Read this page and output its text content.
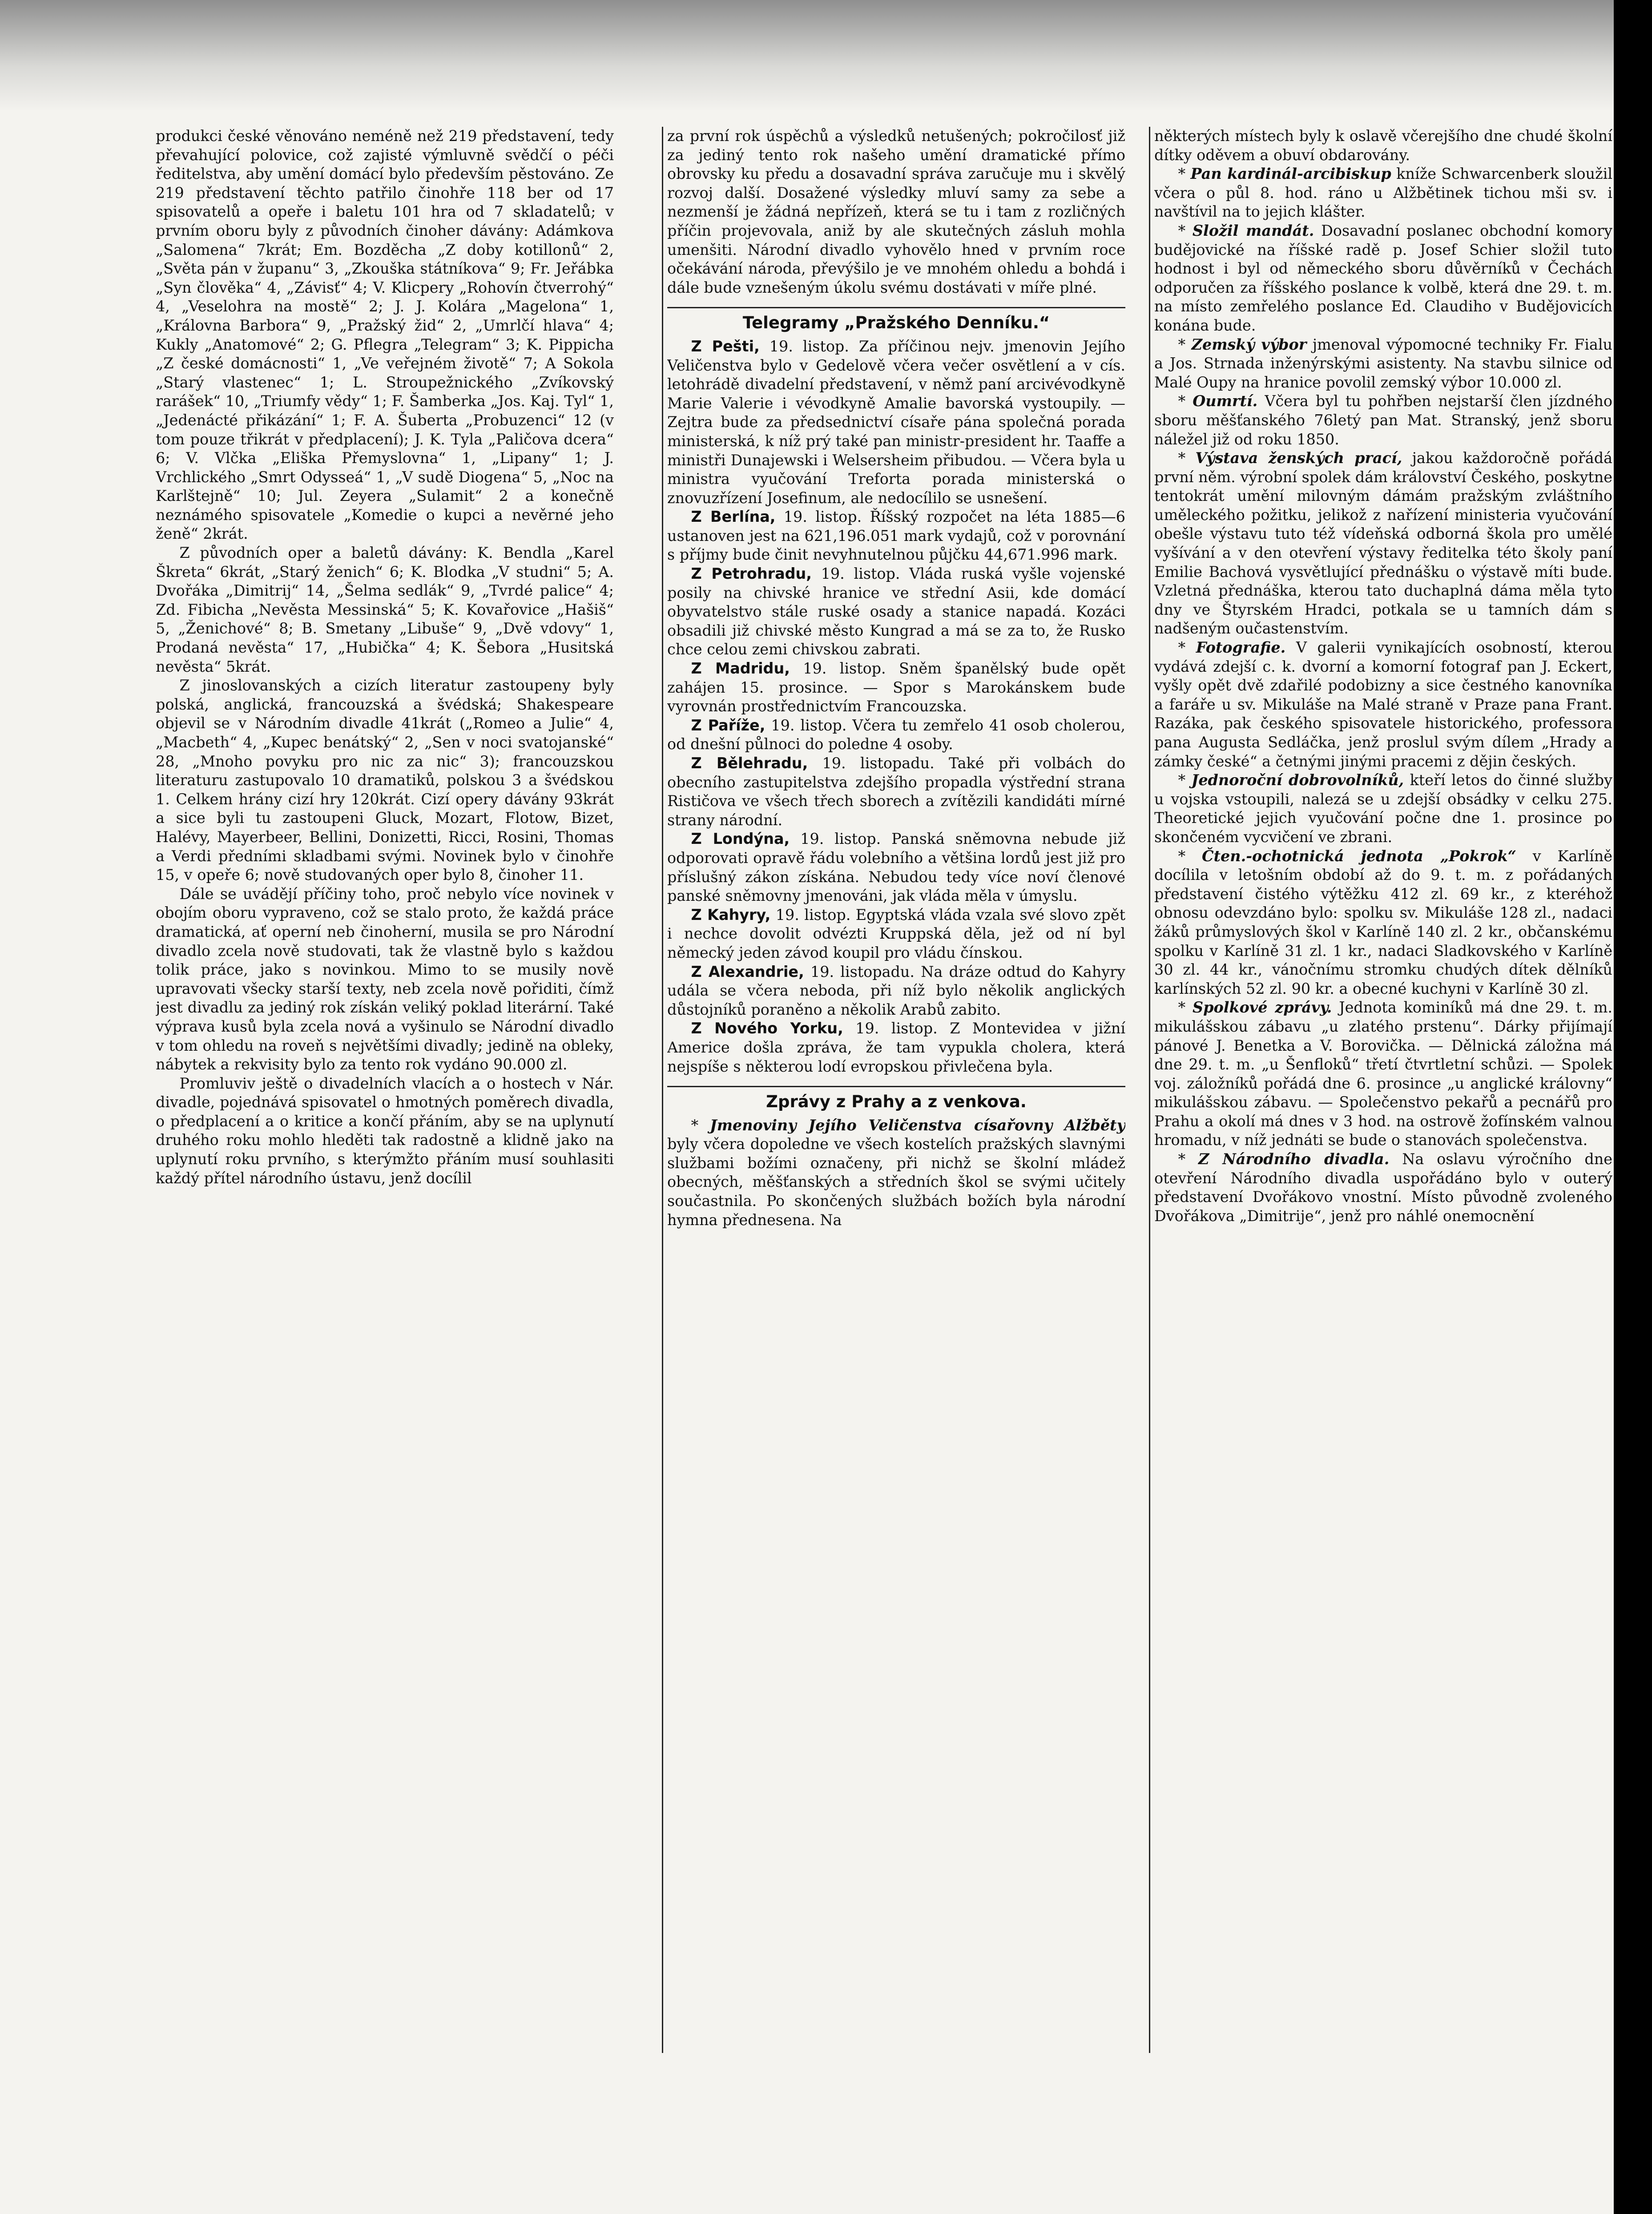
produkci české věnováno neméně než 219 představení, tedy převahující polovice, což zajisté výmluvně svědčí o péči ředitelstva, aby umění domácí bylo především pěstováno. Ze 219 představení těchto patřilo činohře 118 ber od 17 spisovatelů a opeře i baletu 101 hra od 7 skladatelů; v prvním oboru byly z původních činoher dávány: Adámkova „Salomena“ 7krát; Em. Bozděcha „Z doby kotillonů“ 2, „Světa pán v županu“ 3, „Zkouška státníkova“ 9; Fr. Jeřábka „Syn člověka“ 4, „Závisť“ 4; V. Klicpery „Rohovín čtverrohý“ 4, „Veselohra na mostě“ 2; J. J. Kolára „Magelona“ 1, „Královna Barbora“ 9, „Pražský žid“ 2, „Umrlčí hlava“ 4; Kukly „Anatomové“ 2; G. Pflegra „Telegram“ 3; K. Pippicha „Z české domácnosti“ 1, „Ve veřejném životě“ 7; A Sokola „Starý vlastenec“ 1; L. Stroupežnického „Zvíkovský rarášek“ 10, „Triumfy vědy“ 1; F. Šamberka „Jos. Kaj. Tyl“ 1, „Jedenácté přikázání“ 1; F. A. Šuberta „Probuzenci“ 12 (v tom pouze třikrát v předplacení); J. K. Tyla „Paličova dcera“ 6; V. Vlčka „Eliška Přemyslovna“ 1, „Lipany“ 1; J. Vrchlického „Smrt Odysseá“ 1, „V sudě Diogena“ 5, „Noc na Karlštejně“ 10; Jul. Zeyera „Sulamit“ 2 a konečně neznámého spisovatele „Komedie o kupci a nevěrné jeho ženě“ 2krát.

Z původních oper a baletů dávány: K. Bendla „Karel Škreta“ 6krát, „Starý ženich“ 6; K. Blodka „V studni“ 5; A. Dvořáka „Dimitrij“ 14, „Šelma sedlák“ 9, „Tvrdé palice“ 4; Zd. Fibicha „Nevěsta Messinská“ 5; K. Kovařovice „Hašiš“ 5, „Ženichové“ 8; B. Smetany „Libuše“ 9, „Dvě vdovy“ 1, Prodaná nevěsta“ 17, „Hubička“ 4; K. Šebora „Husitská nevěsta“ 5krát.

Z jinoslovanských a cizích literatur zastoupeny byly polská, anglická, francouzská a švédská; Shakespeare objevil se v Národním divadle 41krát („Romeo a Julie“ 4, „Macbeth“ 4, „Kupec benátský“ 2, „Sen v noci svatojanské“ 28, „Mnoho povyku pro nic za nic“ 3); francouzskou literaturu zastupovalo 10 dramatiků, polskou 3 a švédskou 1. Celkem hrány cizí hry 120krát. Cizí opery dávány 93krát a sice byli tu zastoupeni Gluck, Mozart, Flotow, Bizet, Halévy, Mayerbeer, Bellini, Donizetti, Ricci, Rosini, Thomas a Verdi předními skladbami svými. Novinek bylo v činohře 15, v opeře 6; nově studovaných oper bylo 8, činoher 11.

Dále se uvádějí příčiny toho, proč nebylo více novinek v obojím oboru vypraveno, což se stalo proto, že každá práce dramatická, ať operní neb činoherní, musila se pro Národní divadlo zcela nově studovati, tak že vlastně bylo s každou tolik práce, jako s novinkou. Mimo to se musily nově upravovati všecky starší texty, neb zcela nově pořiditi, čímž jest divadlu za jediný rok získán veliký poklad literární. Také výprava kusů byla zcela nová a vyšinulo se Národní divadlo v tom ohledu na roveň s největšími divadly; jedině na obleky, nábytek a rekvisity bylo za tento rok vydáno 90.000 zl.

Promluviv ještě o divadelních vlacích a o hostech v Nár. divadle, pojednává spisovatel o hmotných poměrech divadla, o předplacení a o kritice a končí přáním, aby se na uplynutí druhého roku mohlo hleděti tak radostně a klidně jako na uplynutí roku prvního, s kterýmžto přáním musí souhlasiti každý přítel národního ústavu, jenž docílil

za první rok úspěchů a výsledků netušených; pokročilosť již za jediný tento rok našeho umění dramatické přímo obrovsky ku předu a dosavadní správa zaručuje mu i skvělý rozvoj další. Dosažené výsledky mluví samy za sebe a nezmenší je žádná nepřízeň, která se tu i tam z rozličných příčin projevovala, aniž by ale skutečných zásluh mohla umenšiti. Národní divadlo vyhovělo hned v prvním roce očekávání národa, převýšilo je ve mnohém ohledu a bohdá i dále bude vznešeným úkolu svému dostávati v míře plné.

Telegramy „Pražského Denníku.“

Z Pešti, 19. listop. Za příčinou nejv. jmenovin Jejího Veličenstva bylo v Gedelově včera večer osvětlení a v cís. letohrádě divadelní představení, v němž paní arcivévodkyně Marie Valerie i vévodkyně Amalie bavorská vystoupily. — Zejtra bude za předsednictví císaře pána společná porada ministerská, k níž prý také pan ministr-president hr. Taaffe a ministři Dunajewski i Welsersheim přibudou. — Včera byla u ministra vyučování Treforta porada ministerská o znovuzřízení Josefinum, ale nedocílilo se usnešení.

Z Berlína, 19. listop. Říšský rozpočet na léta 1885—6 ustanoven jest na 621,196.051 mark vydajů, což v porovnání s příjmy bude činit nevyhnutelnou půjčku 44,671.996 mark.

Z Petrohradu, 19. listop. Vláda ruská vyšle vojenské posily na chivské hranice ve střední Asii, kde domácí obyvatelstvo stále ruské osady a stanice napadá. Kozáci obsadili již chivské město Kungrad a má se za to, že Rusko chce celou zemi chivskou zabrati.

Z Madridu, 19. listop. Sněm španělský bude opět zahájen 15. prosince. — Spor s Marokánskem bude vyrovnán prostřednictvím Francouzska.

Z Paříže, 19. listop. Včera tu zemřelo 41 osob cholerou, od dnešní půlnoci do poledne 4 osoby.

Z Bělehradu, 19. listopadu. Také při volbách do obecního zastupitelstva zdejšího propadla výstřední strana Rističova ve všech třech sborech a zvítězili kandidáti mírné strany národní.

Z Londýna, 19. listop. Panská sněmovna nebude již odporovati opravě řádu volebního a většina lordů jest již pro příslušný zákon získána. Nebudou tedy více noví členové panské sněmovny jmenováni, jak vláda měla v úmyslu.

Z Kahyry, 19. listop. Egyptská vláda vzala své slovo zpět i nechce dovolit odvézti Kruppská děla, jež od ní byl německý jeden závod koupil pro vládu čínskou.

Z Alexandrie, 19. listopadu. Na dráze odtud do Kahyry udála se včera neboda, při níž bylo několik anglických důstojníků poraněno a několik Arabů zabito.

Z Nového Yorku, 19. listop. Z Montevidea v jižní Americe došla zpráva, že tam vypukla cholera, která nejspíše s některou lodí evropskou přivlečena byla.

Zprávy z Prahy a z venkova.

* Jmenoviny Jejího Veličenstva císařovny Alžběty byly včera dopoledne ve všech kostelích pražských slavnými službami božími označeny, při nichž se školní mládež obecných, měšťanských a středních škol se svými učitely součastnila. Po skončených službách božích byla národní hymna přednesena. Na

některých místech byly k oslavě včerejšího dne chudé školní dítky oděvem a obuví obdarovány.

* Pan kardinál-arcibiskup kníže Schwarcenberk sloužil včera o půl 8. hod. ráno u Alžbětinek tichou mši sv. i navštívil na to jejich klášter.

* Složil mandát. Dosavadní poslanec obchodní komory budějovické na říšské radě p. Josef Schier složil tuto hodnost i byl od německého sboru důvěrníků v Čechách odporučen za říšského poslance k volbě, která dne 29. t. m. na místo zemřelého poslance Ed. Claudiho v Budějovicích konána bude.

* Zemský výbor jmenoval výpomocné techniky Fr. Fialu a Jos. Strnada inženýrskými asistenty. Na stavbu silnice od Malé Oupy na hranice povolil zemský výbor 10.000 zl.

* Oumrtí. Včera byl tu pohřben nejstarší člen jízdného sboru měšťanského 76letý pan Mat. Stranský, jenž sboru náležel již od roku 1850.

* Výstava ženských prací, jakou každoročně pořádá první něm. výrobní spolek dám království Českého, poskytne tentokrát umění milovným dámám pražským zvláštního uměleckého požitku, jelikož z nařízení ministeria vyučování obešle výstavu tuto též vídeňská odborná škola pro umělé vyšívání a v den otevření výstavy ředitelka této školy paní Emilie Bachová vysvětlující přednášku o výstavě míti bude. Vzletná přednáška, kterou tato duchaplná dáma měla tyto dny ve Štyrském Hradci, potkala se u tamních dám s nadšeným oučastenstvím.

* Fotografie. V galerii vynikajících osobností, kterou vydává zdejší c. k. dvorní a komorní fotograf pan J. Eckert, vyšly opět dvě zdařilé podobizny a sice čestného kanovníka a faráře u sv. Mikuláše na Malé straně v Praze pana Frant. Razáka, pak českého spisovatele historického, professora pana Augusta Sedláčka, jenž proslul svým dílem „Hrady a zámky české“ a četnými jinými pracemi z dějin českých.

* Jednoroční dobrovolníků, kteří letos do činné služby u vojska vstoupili, nalezá se u zdejší obsádky v celku 275. Theoretické jejich vyučování počne dne 1. prosince po skončeném vycvičení ve zbrani.

* Čten.-ochotnická jednota „Pokrok“ v Karlíně docílila v letošním období až do 9. t. m. z pořádaných představení čistého výtěžku 412 zl. 69 kr., z kteréhož obnosu odevzdáno bylo: spolku sv. Mikuláše 128 zl., nadaci žáků průmyslových škol v Karlíně 140 zl. 2 kr., občanskému spolku v Karlíně 31 zl. 1 kr., nadaci Sladkovského v Karlíně 30 zl. 44 kr., vánočnímu stromku chudých dítek dělníků karlínských 52 zl. 90 kr. a obecné kuchyni v Karlíně 30 zl.

* Spolkové zprávy. Jednota kominíků má dne 29. t. m. mikulášskou zábavu „u zlatého prstenu“. Dárky přijímají pánové J. Benetka a V. Borovička. — Dělnická záložna má dne 29. t. m. „u Šenfloků“ třetí čtvrtletní schůzi. — Spolek voj. záložníků pořádá dne 6. prosince „u anglické královny“ mikulášskou zábavu. — Společenstvo pekařů a pecnářů pro Prahu a okolí má dnes v 3 hod. na ostrově žofínském valnou hromadu, v níž jednáti se bude o stanovách společenstva.

* Z Národního divadla. Na oslavu výročního dne otevření Národního divadla uspořádáno bylo v outerý představení Dvořákovo vnostní. Místo původně zvoleného Dvořákova „Dimitrije“, jenž pro náhlé onemocnění
